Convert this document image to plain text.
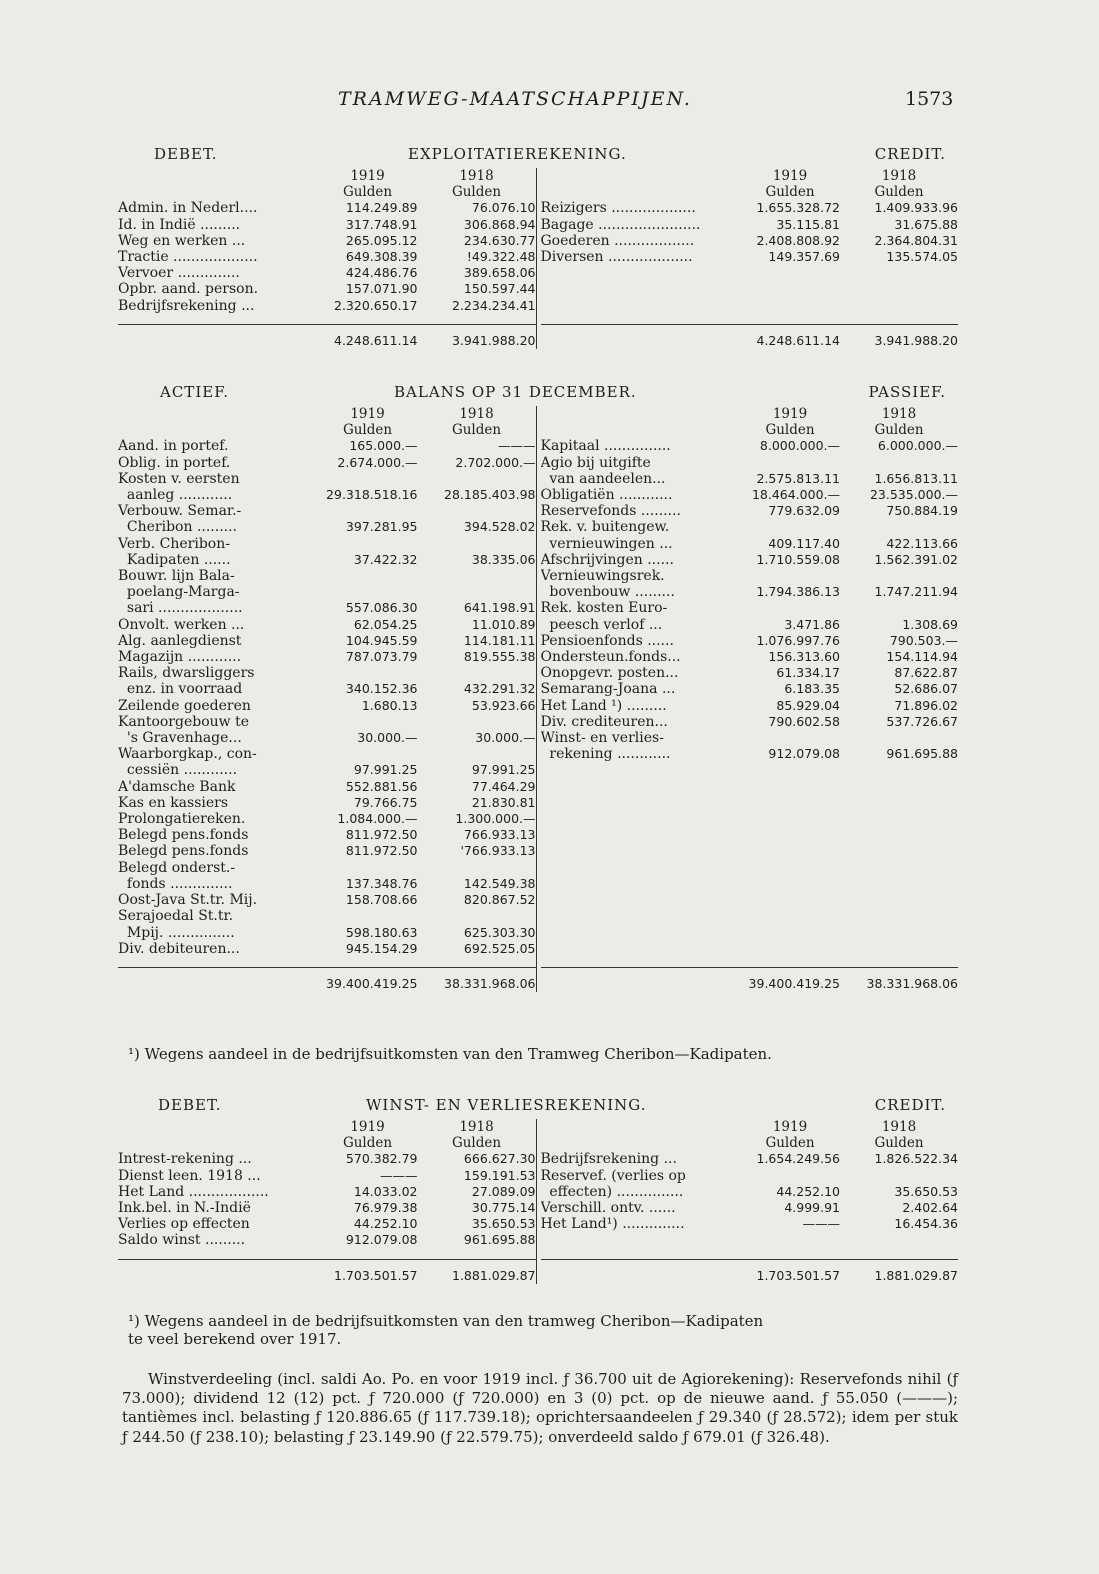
TRAMWEG-MAATSCHAPPIJEN.	1573
DEBET.	EXPLOITATIEREKENING.	CREDIT.
1919	1918
Gulden	Gulden
Admin. in Nederl....	114.249.89	76.076.10
Id. in Indië .........	317.748.91	306.868.94
Weg en werken ...	265.095.12	234.630.77
Tractie ...................	649.308.39	!49.322.48
Vervoer ..............	424.486.76	389.658.06
Opbr. aand. person.	157.071.90	150.597.44
Bedrijfsrekening ...	2.320.650.17	2.234.234.41
4.248.611.14	3.941.988.20
1919	1918
Gulden	Gulden
Reizigers ...................	1.655.328.72	1.409.933.96
Bagage .......................	35.115.81	31.675.88
Goederen ..................	2.408.808.92	2.364.804.31
Diversen ...................	149.357.69	135.574.05
4.248.611.14	3.941.988.20
ACTIEF.	BALANS OP 31 DECEMBER.	PASSIEF.
1919	1918
Gulden	Gulden
Aand. in portef.	165.000.—	———
Oblig. in portef.	2.674.000.—	2.702.000.—
Kosten v. eersten
aanleg ............	29.318.518.16	28.185.403.98
Verbouw. Semar.-
Cheribon .........	397.281.95	394.528.02
Verb. Cheribon-
Kadipaten ......	37.422.32	38.335.06
Bouwr. lijn Bala-
poelang-Marga-
sari ...................	557.086.30	641.198.91
Onvolt. werken ...	62.054.25	11.010.89
Alg. aanlegdienst	104.945.59	114.181.11
Magazijn ............	787.073.79	819.555.38
Rails, dwarsliggers
enz. in voorraad	340.152.36	432.291.32
Zeilende goederen	1.680.13	53.923.66
Kantoorgebouw te
's Gravenhage...	30.000.—	30.000.—
Waarborgkap., con-
cessiën ............	97.991.25	97.991.25
A'damsche Bank	552.881.56	77.464.29
Kas en kassiers	79.766.75	21.830.81
Prolongatiereken.	1.084.000.—	1.300.000.—
Belegd pens.fonds	811.972.50	766.933.13
Belegd pens.fonds	811.972.50	'766.933.13
Belegd onderst.-
fonds ..............	137.348.76	142.549.38
Oost-Java St.tr. Mij.	158.708.66	820.867.52
Serajoedal St.tr.
Mpij. ...............	598.180.63	625.303.30
Div. debiteuren...	945.154.29	692.525.05
39.400.419.25	38.331.968.06
1919	1918
Gulden	Gulden
Kapitaal ...............	8.000.000.—	6.000.000.—
Agio bij uitgifte
van aandeelen...	2.575.813.11	1.656.813.11
Obligatiën ............	18.464.000.—	23.535.000.—
Reservefonds .........	779.632.09	750.884.19
Rek. v. buitengew.
vernieuwingen ...	409.117.40	422.113.66
Afschrijvingen ......	1.710.559.08	1.562.391.02
Vernieuwingsrek.
bovenbouw .........	1.794.386.13	1.747.211.94
Rek. kosten Euro-
peesch verlof ...	3.471.86	1.308.69
Pensioenfonds ......	1.076.997.76	790.503.—
Ondersteun.fonds...	156.313.60	154.114.94
Onopgevr. posten...	61.334.17	87.622.87
Semarang-Joana ...	6.183.35	52.686.07
Het Land ¹) .........	85.929.04	71.896.02
Div. crediteuren...	790.602.58	537.726.67
Winst- en verlies-
rekening ............	912.079.08	961.695.88
39.400.419.25	38.331.968.06
¹) Wegens aandeel in de bedrijfsuitkomsten van den Tramweg Cheribon—Kadipaten.
DEBET.	WINST- EN VERLIESREKENING.	CREDIT.
1919	1918
Gulden	Gulden
Intrest-rekening ...	570.382.79	666.627.30
Dienst leen. 1918 ...	———	159.191.53
Het Land ..................	14.033.02	27.089.09
Ink.bel. in N.-Indië	76.979.38	30.775.14
Verlies op effecten	44.252.10	35.650.53
Saldo winst .........	912.079.08	961.695.88
1.703.501.57	1.881.029.87
1919	1918
Gulden	Gulden
Bedrijfsrekening ...	1.654.249.56	1.826.522.34
Reservef. (verlies op
effecten) ...............	44.252.10	35.650.53
Verschill. ontv. ......	4.999.91	2.402.64
Het Land¹) ..............	———	16.454.36
1.703.501.57	1.881.029.87
¹) Wegens aandeel in de bedrijfsuitkomsten van den tramweg Cheribon—Kadipaten
te veel berekend over 1917.
Winstverdeeling (incl. saldi Ao. Po. en voor 1919 incl. ƒ 36.700 uit de Agiorekening): Reservefonds nihil (ƒ 73.000); dividend 12 (12) pct. ƒ 720.000 (ƒ 720.000) en 3 (0) pct. op de nieuwe aand. ƒ 55.050 (———); tantièmes incl. belasting ƒ 120.886.65 (ƒ 117.739.18); oprichtersaandeelen ƒ 29.340 (ƒ 28.572); idem per stuk ƒ 244.50 (ƒ 238.10); belasting ƒ 23.149.90 (ƒ 22.579.75); onverdeeld saldo ƒ 679.01 (ƒ 326.48).
